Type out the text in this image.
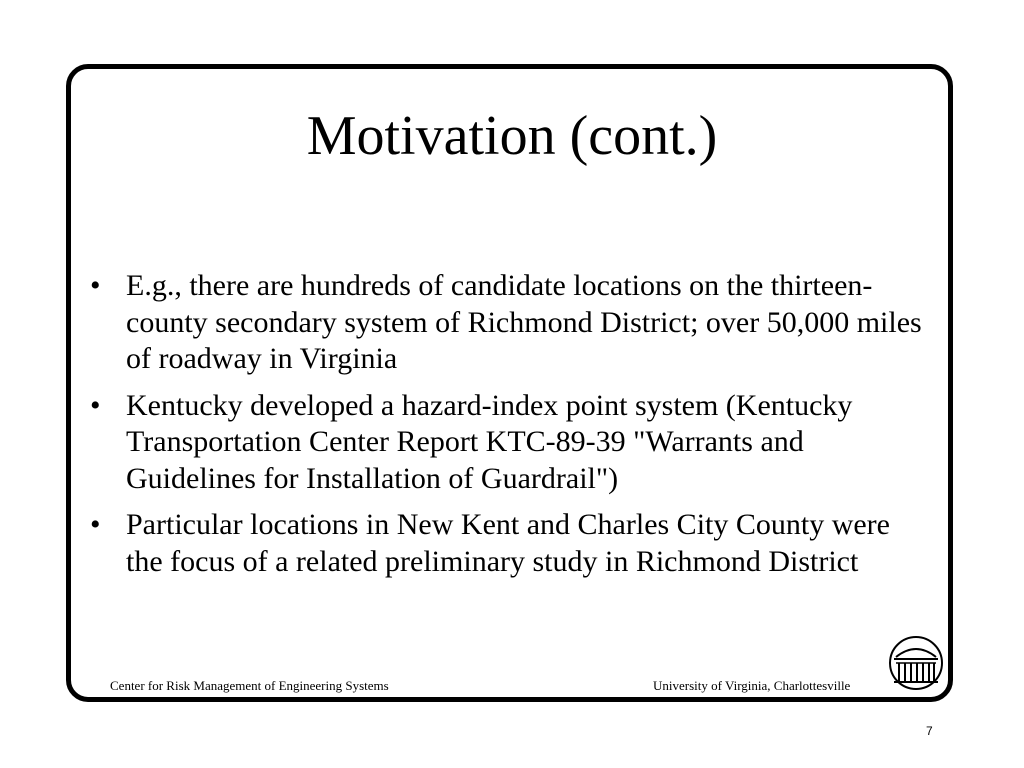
Motivation (cont.)
• E.g., there are hundreds of candidate locations on the thirteen-county secondary system of Richmond District; over 50,000 miles of roadway in Virginia
• Kentucky developed a hazard-index point system (Kentucky Transportation Center Report KTC-89-39 "Warrants and Guidelines for Installation of Guardrail")
• Particular locations in New Kent and Charles City County were the focus of a related preliminary study in Richmond District
Center for Risk Management of Engineering Systems	University of Virginia, Charlottesville
7
